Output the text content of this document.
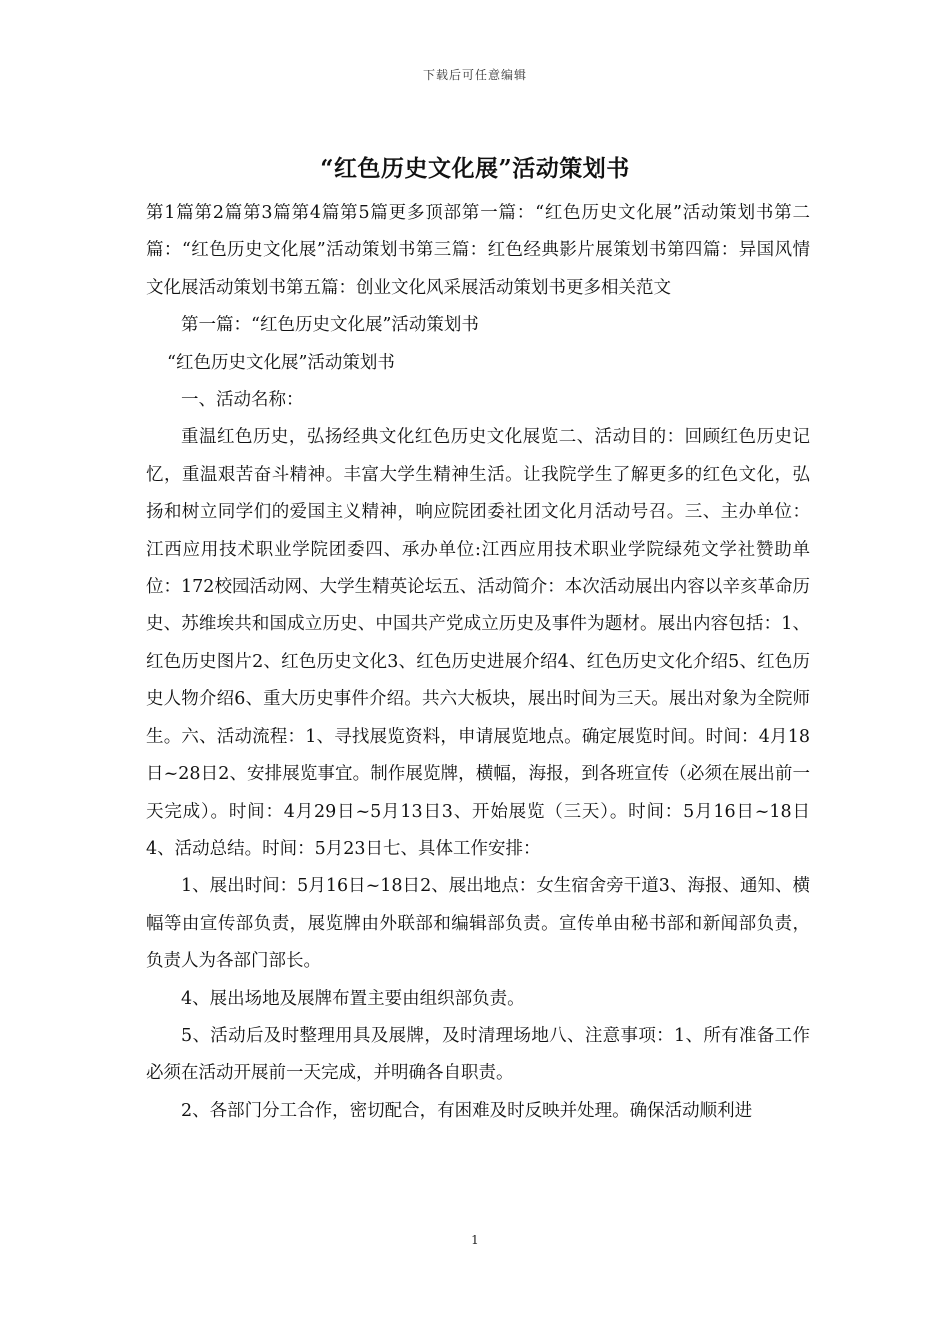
下载后可任意编辑
“红色历史文化展”活动策划书

第1篇第2篇第3篇第4篇第5篇更多顶部第一篇：“红色历史文化展”活动策划书第二篇：“红色历史文化展”活动策划书第三篇：红色经典影片展策划书第四篇：异国风情文化展活动策划书第五篇：创业文化风采展活动策划书更多相关范文

第一篇：“红色历史文化展”活动策划书

“红色历史文化展”活动策划书

一、活动名称：

重温红色历史，弘扬经典文化红色历史文化展览二、活动目的：回顾红色历史记忆，重温艰苦奋斗精神。丰富大学生精神生活。让我院学生了解更多的红色文化，弘扬和树立同学们的爱国主义精神，响应院团委社团文化月活动号召。三、主办单位：江西应用技术职业学院团委四、承办单位:江西应用技术职业学院绿苑文学社赞助单位：172校园活动网、大学生精英论坛五、活动简介：本次活动展出内容以辛亥革命历史、苏维埃共和国成立历史、中国共产党成立历史及事件为题材。展出内容包括：1、红色历史图片2、红色历史文化3、红色历史进展介绍4、红色历史文化介绍5、红色历史人物介绍6、重大历史事件介绍。共六大板块，展出时间为三天。展出对象为全院师生。六、活动流程：1、寻找展览资料，申请展览地点。确定展览时间。时间：4月18日~28日2、安排展览事宜。制作展览牌，横幅，海报，到各班宣传（必须在展出前一天完成）。时间：4月29日~5月13日3、开始展览（三天）。时间：5月16日~18日4、活动总结。时间：5月23日七、具体工作安排：

1、展出时间：5月16日~18日2、展出地点：女生宿舍旁干道3、海报、通知、横幅等由宣传部负责，展览牌由外联部和编辑部负责。宣传单由秘书部和新闻部负责，负责人为各部门部长。

4、展出场地及展牌布置主要由组织部负责。

5、活动后及时整理用具及展牌，及时清理场地八、注意事项：1、所有准备工作必须在活动开展前一天完成，并明确各自职责。

2、各部门分工合作，密切配合，有困难及时反映并处理。确保活动顺利进

1
